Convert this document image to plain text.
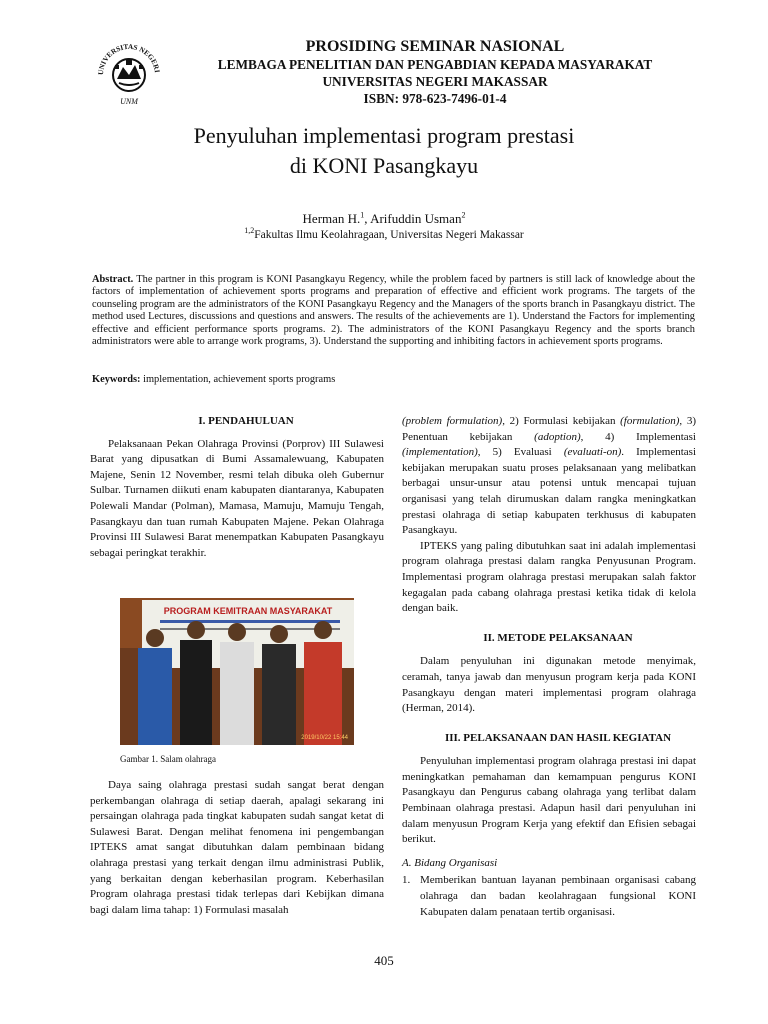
UNIVERSITAS NEGERI
UNM
PROSIDING SEMINAR NASIONAL
LEMBAGA PENELITIAN DAN PENGABDIAN KEPADA MASYARAKAT
UNIVERSITAS NEGERI MAKASSAR
ISBN: 978-623-7496-01-4
Penyuluhan implementasi program prestasi
di KONI Pasangkayu
Herman H.$^1$, Arifuddin Usman$^2$
$^{1,2}$Fakultas Ilmu Keolahragaan, Universitas Negeri Makassar
Abstract. The partner in this program is KONI Pasangkayu Regency, while the problem faced by partners is still lack of knowledge about the factors of implementation of achievement sports programs and preparation of effective and efficient work programs. The targets of the counseling program are the administrators of the KONI Pasangkayu Regency and the Managers of the sports branch in Pasangkayu district. The method used Lectures, discussions and questions and answers. The results of the achievements are 1). Understand the Factors for implementing effective and efficient performance sports programs. 2). The administrators of the KONI Pasangkayu Regency and the sports branch administrators were able to arrange work programs, 3). Understand the supporting and inhibiting factors in achievement sports programs.
Keywords: implementation, achievement sports programs

I. PENDAHULUAN

Pelaksanaan Pekan Olahraga Provinsi (Porprov) III Sulawesi Barat yang dipusatkan di Bumi Assamalewuang, Kabupaten Majene, Senin 12 November, resmi telah dibuka oleh Gubernur Sulbar. Turnamen diikuti enam kabupaten diantaranya, Kabupaten Polewali Mandar (Polman), Mamasa, Mamuju, Mamuju Tengah, Pasangkayu dan tuan rumah Kabupaten Majene. Pekan Olahraga Provinsi III Sulawesi Barat menempatkan Kabupaten Pasangkayu sebagai peringkat terakhir.

PROGRAM KEMITRAAN MASYARAKAT
2019/10/22 15:44
Gambar 1. Salam olahraga

Daya saing olahraga prestasi sudah sangat berat dengan perkembangan olahraga di setiap daerah, apalagi sekarang ini persaingan olahraga pada tingkat kabupaten sudah sangat ketat di Sulawesi Barat. Dengan melihat fenomena ini pengembangan IPTEKS amat sangat dibutuhkan dalam pembinaan bidang olahraga prestasi yang terkait dengan ilmu administrasi Publik, yang berkaitan dengan keberhasilan program. Keberhasilan Program olahraga prestasi tidak terlepas dari Kebijkan dimana bagi dalam lima tahap: 1) Formulasi masalah

(problem formulation), 2) Formulasi kebijakan (formulation), 3) Penentuan kebijakan (adoption), 4) Implementasi (implementation), 5) Evaluasi (evaluati-on). Implementasi kebijakan merupakan suatu proses pelaksanaan yang melibatkan berbagai unsur-unsur atau potensi untuk mencapai tujuan organisasi yang telah dirumuskan dalam rangka meningkatkan prestasi olahraga di setiap kabupaten terkhusus di kabupaten Pasangkayu.

IPTEKS yang paling dibutuhkan saat ini adalah implementasi program olahraga prestasi dalam rangka Penyusunan Program. Implementasi program olahraga prestasi merupakan salah faktor kegagalan pada cabang olahraga prestasi ketika tidak di kelola dengan baik.

II. METODE PELAKSANAAN

Dalam penyuluhan ini digunakan metode menyimak, ceramah, tanya jawab dan menyusun program kerja pada KONI Pasangkayu dengan materi implementasi program olahraga (Herman, 2014).

III. PELAKSANAAN DAN HASIL KEGIATAN

Penyuluhan implementasi program olahraga prestasi ini dapat meningkatkan pemahaman dan kemampuan pengurus KONI Pasangkayu dan Pengurus cabang olahraga yang terlibat dalam Pembinaan olahraga prestasi. Adapun hasil dari penyuluhan ini dalam menyusun Program Kerja yang efektif dan Efisien sebagai berikut.

A. Bidang Organisasi

1. Memberikan bantuan layanan pembinaan organisasi cabang olahraga dan badan keolahragaan fungsional KONI Kabupaten dalam penataan tertib organisasi.
405
